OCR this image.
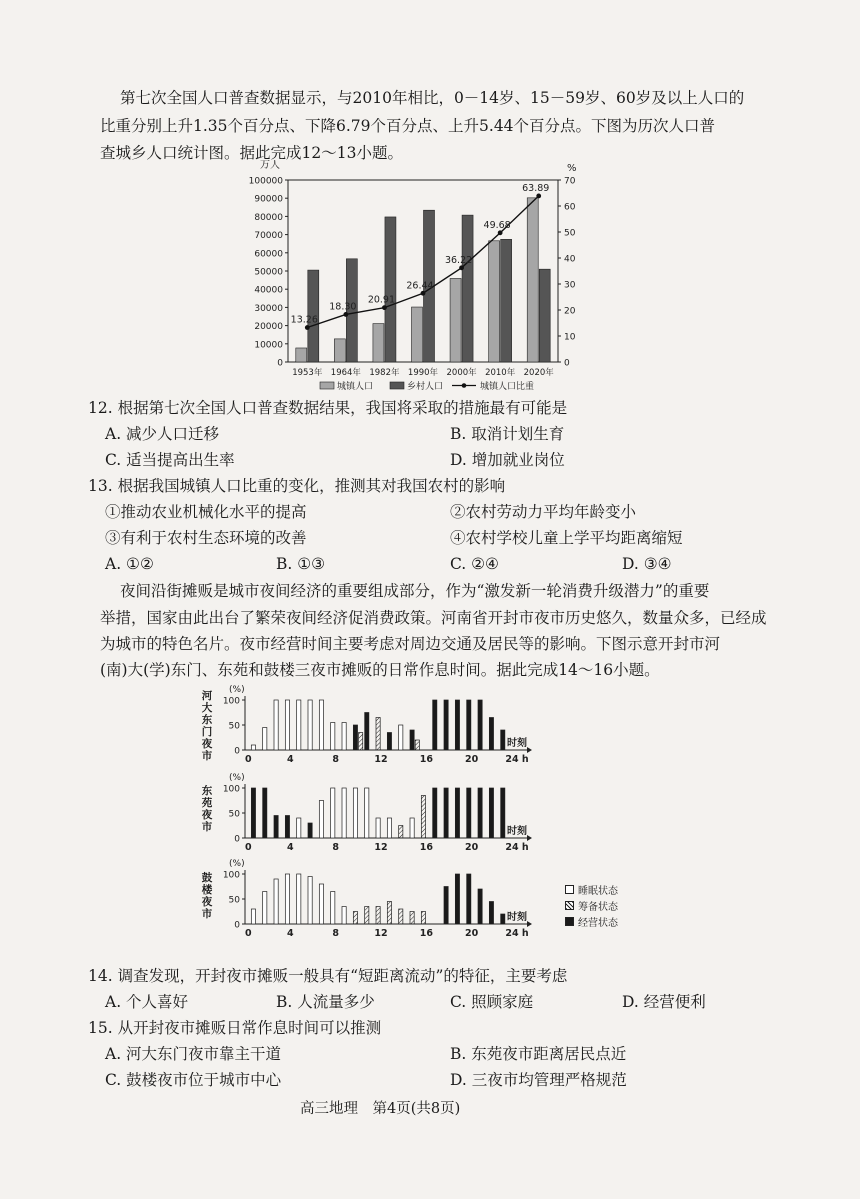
第七次全国人口普查数据显示，与2010年相比，0－14岁、15－59岁、60岁及以上人口的
比重分别上升1.35个百分点、下降6.79个百分点、上升5.44个百分点。下图为历次人口普
查城乡人口统计图。据此完成12～13小题。
万人	%
0
10000
20000
30000
40000
50000
60000
70000
80000
90000
100000
0
10
20
30
40
50
60
70
13.26
18.30
20.91
26.44
36.22
49.68
63.89
1953年 1964年 1982年 1990年 2000年 2010年 2020年
城镇人口	乡村人口	城镇人口比重
12. 根据第七次全国人口普查数据结果，我国将采取的措施最有可能是
A. 减少人口迁移	B. 取消计划生育
C. 适当提高出生率	D. 增加就业岗位
13. 根据我国城镇人口比重的变化，推测其对我国农村的影响
①推动农业机械化水平的提高	②农村劳动力平均年龄变小
③有利于农村生态环境的改善	④农村学校儿童上学平均距离缩短
A. ①②	B. ①③	C. ②④	D. ③④
夜间沿街摊贩是城市夜间经济的重要组成部分，作为“激发新一轮消费升级潜力”的重要
举措，国家由此出台了繁荣夜间经济促消费政策。河南省开封市夜市历史悠久，数量众多，已经成
为城市的特色名片。夜市经营时间主要考虑对周边交通及居民等的影响。下图示意开封市河
(南)大(学)东门、东苑和鼓楼三夜市摊贩的日常作息时间。据此完成14～16小题。
河大东门夜市
东苑夜市
鼓楼夜市
(%)
0
50
100
0	4	8	12	16	20	24 h
时刻
(%)
0
50
100
0	4	8	12	16	20	24 h
时刻
(%)
0
50
100
0	4	8	12	16	20	24 h
时刻
睡眠状态
筹备状态
经营状态
14. 调查发现，开封夜市摊贩一般具有“短距离流动”的特征，主要考虑
A. 个人喜好	B. 人流量多少	C. 照顾家庭	D. 经营便利
15. 从开封夜市摊贩日常作息时间可以推测
A. 河大东门夜市靠主干道	B. 东苑夜市距离居民点近
C. 鼓楼夜市位于城市中心	D. 三夜市均管理严格规范
高三地理　第4页(共8页)
